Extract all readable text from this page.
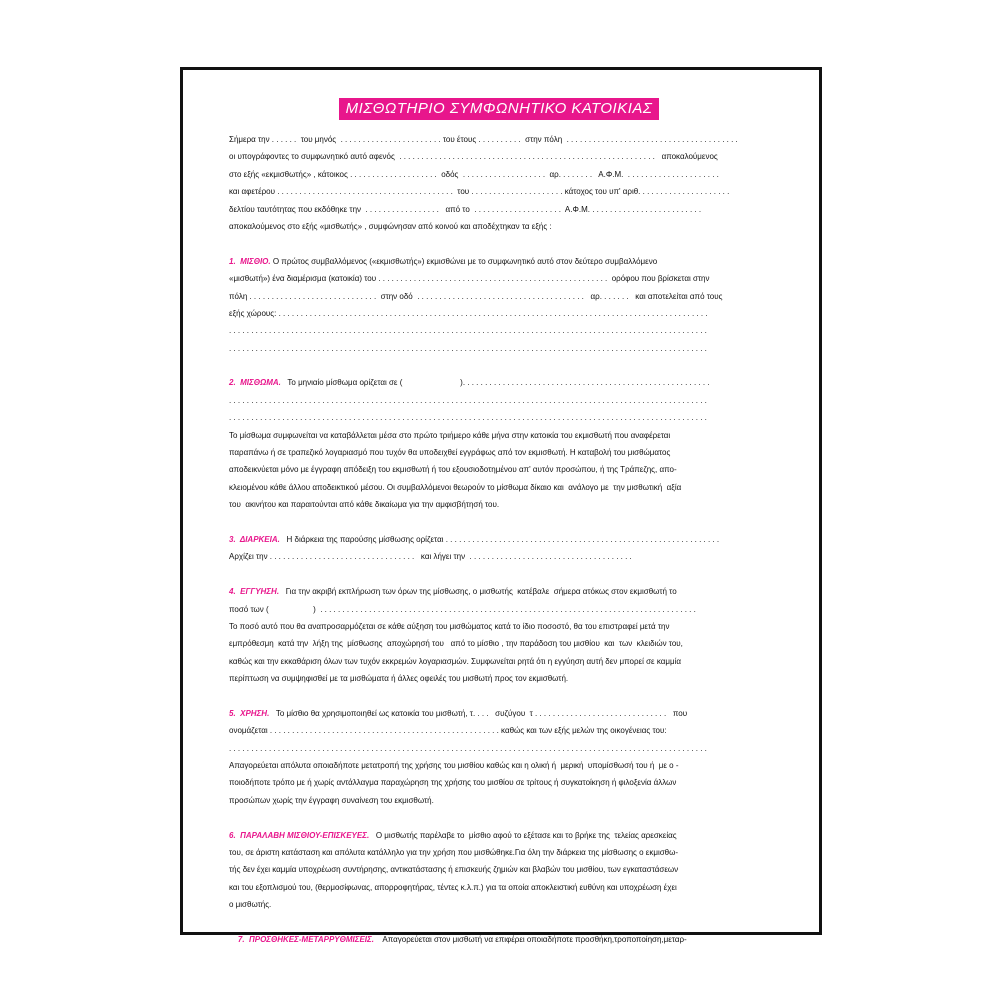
ΜΙΣΘΩΤΗΡΙΟ ΣΥΜΦΩΝΗΤΙΚΟ ΚΑΤΟΙΚΙΑΣ
Σήμερα την . . . . . .  του μηνός  . . . . . . . . . . . . . . . . . . . . . . . του έτους . . . . . . . . . .  στην πόλη  . . . . . . . . . . . . . . . . . . . . . . . . . . . . . . . . . . . . . . .
οι υπογράφοντες το συμφωνητικό αυτό αφενός  . . . . . . . . . . . . . . . . . . . . . . . . . . . . . . . . . . . . . . . . . . . . . . . . . . . . . . . . . .   αποκαλούμενος
στο εξής «εκμισθωτής» , κάτοικος . . . . . . . . . . . . . . . . . . . .  οδός  . . . . . . . . . . . . . . . . . . .  αρ. . . . . . . .   Α.Φ.Μ.  . . . . . . . . . . . . . . . . . . . . .
και αφετέρου . . . . . . . . . . . . . . . . . . . . . . . . . . . . . . . . . . . . . . . .  του . . . . . . . . . . . . . . . . . . . . . κάτοχος του υπ' αριθ. . . . . . . . . . . . . . . . . . . . .
δελτίου ταυτότητας που εκδόθηκε την  . . . . . . . . . . . . . . . . .   από το  . . . . . . . . . . . . . . . . . . . .  Α.Φ.Μ. . . . . . . . . . . . . . . . . . . . . . . . . .
αποκαλούμενος στο εξής «μισθωτής» , συμφώνησαν από κοινού και αποδέχτηκαν τα εξής :
1.  ΜΙΣΘΙΟ. Ο πρώτος συμβαλλόμενος («εκμισθωτής») εκμισθώνει με το συμφωνητικό αυτό στον δεύτερο συμβαλλόμενο
«μισθωτή») ένα διαμέρισμα (κατοικία) του . . . . . . . . . . . . . . . . . . . . . . . . . . . . . . . . . . . . . . . . . . . . . . . . . . . .  ορόφου που βρίσκεται στην
πόλη . . . . . . . . . . . . . . . . . . . . . . . . . . . . .  στην οδό  . . . . . . . . . . . . . . . . . . . . . . . . . . . . . . . . . . . . . .   αρ. . . . . . .   και αποτελείται από τους
εξής χώρους: . . . . . . . . . . . . . . . . . . . . . . . . . . . . . . . . . . . . . . . . . . . . . . . . . . . . . . . . . . . . . . . . . . . . . . . . . . . . . . . . . . . . . . . . . . . . . . . . .
. . . . . . . . . . . . . . . . . . . . . . . . . . . . . . . . . . . . . . . . . . . . . . . . . . . . . . . . . . . . . . . . . . . . . . . . . . . . . . . . . . . . . . . . . . . . . . . . . . . . . . . . . . . .
. . . . . . . . . . . . . . . . . . . . . . . . . . . . . . . . . . . . . . . . . . . . . . . . . . . . . . . . . . . . . . . . . . . . . . . . . . . . . . . . . . . . . . . . . . . . . . . . . . . . . . . . . . . .
2.  ΜΙΣΘΩΜΑ.   Το μηνιαίο μίσθωμα ορίζεται σε (                          ). . . . . . . . . . . . . . . . . . . . . . . . . . . . . . . . . . . . . . . . . . . . . . . . . . . . . . . .
. . . . . . . . . . . . . . . . . . . . . . . . . . . . . . . . . . . . . . . . . . . . . . . . . . . . . . . . . . . . . . . . . . . . . . . . . . . . . . . . . . . . . . . . . . . . . . . . . . . . . . . . . . . .
. . . . . . . . . . . . . . . . . . . . . . . . . . . . . . . . . . . . . . . . . . . . . . . . . . . . . . . . . . . . . . . . . . . . . . . . . . . . . . . . . . . . . . . . . . . . . . . . . . . . . . . . . . . .
Το μίσθωμα συμφωνείται να καταβάλλεται μέσα στο πρώτο τριήμερο κάθε μήνα στην κατοικία του εκμισθωτή που αναφέρεται
παραπάνω ή σε τραπεζικό λογαριασμό που τυχόν θα υποδειχθεί εγγράφως από τον εκμισθωτή. Η καταβολή του μισθώματος
αποδεικνύεται μόνο με έγγραφη απόδειξη του εκμισθωτή ή του εξουσιοδοτημένου απ' αυτόν προσώπου, ή της Τράπεζης, απο-
κλειομένου κάθε άλλου αποδεικτικού μέσου. Οι συμβαλλόμενοι θεωρούν το μίσθωμα δίκαιο και  ανάλογο με  την μισθωτική  αξία
του  ακινήτου και παραιτούνται από κάθε δικαίωμα για την αμφισβήτησή του.
3.  ΔΙΑΡΚΕΙΑ.   Η διάρκεια της παρούσης μίσθωσης ορίζεται . . . . . . . . . . . . . . . . . . . . . . . . . . . . . . . . . . . . . . . . . . . . . . . . . . . . . . . . . . . . . .
Αρχίζει την . . . . . . . . . . . . . . . . . . . . . . . . . . . . . . . . .   και λήγει την  . . . . . . . . . . . . . . . . . . . . . . . . . . . . . . . . . . . . .
4.  ΕΓΓΥΗΣΗ.   Για την ακριβή εκπλήρωση των όρων της μίσθωσης, ο μισθωτής  κατέβαλε  σήμερα ατόκως στον εκμισθωτή το
ποσό των (                    )  . . . . . . . . . . . . . . . . . . . . . . . . . . . . . . . . . . . . . . . . . . . . . . . . . . . . . . . . . . . . . . . . . . . . . . . . . . . . . . . . . . . . .
Το ποσό αυτό που θα αναπροσαρμόζεται σε κάθε αύξηση του μισθώματος κατά το ίδιο ποσοστό, θα του επιστραφεί μετά την
εμπρόθεσμη  κατά την  λήξη της  μίσθωσης  αποχώρησή του   από το μίσθιο , την παράδοση του μισθίου  και  των  κλειδιών του,
καθώς και την εκκαθάριση όλων των τυχόν εκκρεμών λογαριασμών. Συμφωνείται ρητά ότι η εγγύηση αυτή δεν μπορεί σε καμμία
περίπτωση να συμψηφισθεί με τα μισθώματα ή άλλες οφειλές του μισθωτή προς τον εκμισθωτή.
5.  ΧΡΗΣΗ.   Το μίσθιο θα χρησιμοποιηθεί ως κατοικία του μισθωτή, τ. . . .   συζύγου  τ . . . . . . . . . . . . . . . . . . . . . . . . . . . . . .   που
ονομάζεται . . . . . . . . . . . . . . . . . . . . . . . . . . . . . . . . . . . . . . . . . . . . . . . . . . . . καθώς και των εξής μελών της οικογένειας του:
. . . . . . . . . . . . . . . . . . . . . . . . . . . . . . . . . . . . . . . . . . . . . . . . . . . . . . . . . . . . . . . . . . . . . . . . . . . . . . . . . . . . . . . . . . . . . . . . . . . . . . . . . . . .
Απαγορεύεται απόλυτα οποιαδήποτε μετατροπή της χρήσης του μισθίου καθώς και η ολική ή  μερική  υπομίσθωσή του ή  με ο -
ποιοδήποτε τρόπο με ή χωρίς αντάλλαγμα παραχώρηση της χρήσης του μισθίου σε τρίτους ή συγκατοίκηση ή φιλοξενία άλλων
προσώπων χωρίς την έγγραφη συναίνεση του εκμισθωτή.
6.  ΠΑΡΑΛΑΒΗ ΜΙΣΘΙΟΥ-ΕΠΙΣΚΕΥΕΣ.   Ο μισθωτής παρέλαβε το  μίσθιο αφού το εξέτασε και το βρήκε της  τελείας αρεσκείας
του, σε άριστη κατάσταση και απόλυτα κατάλληλο για την χρήση που μισθώθηκε.Για όλη την διάρκεια της μίσθωσης ο εκμισθω-
τής δεν έχει καμμία υποχρέωση συντήρησης, αντικατάστασης ή επισκευής ζημιών και βλαβών του μισθίου, των εγκαταστάσεων
και του εξοπλισμού του, (θερμοσίφωνας, απορροφητήρας, τέντες κ.λ.π.) για τα οποία αποκλειστική ευθύνη και υποχρέωση έχει
ο μισθωτής.
7.  ΠΡΟΣΘΗΚΕΣ-ΜΕΤΑΡΡΥΘΜΙΣΕΙΣ.    Απαγορεύεται στον μισθωτή να επιφέρει οποιαδήποτε προσθήκη,τροποποίηση,μεταρ-
